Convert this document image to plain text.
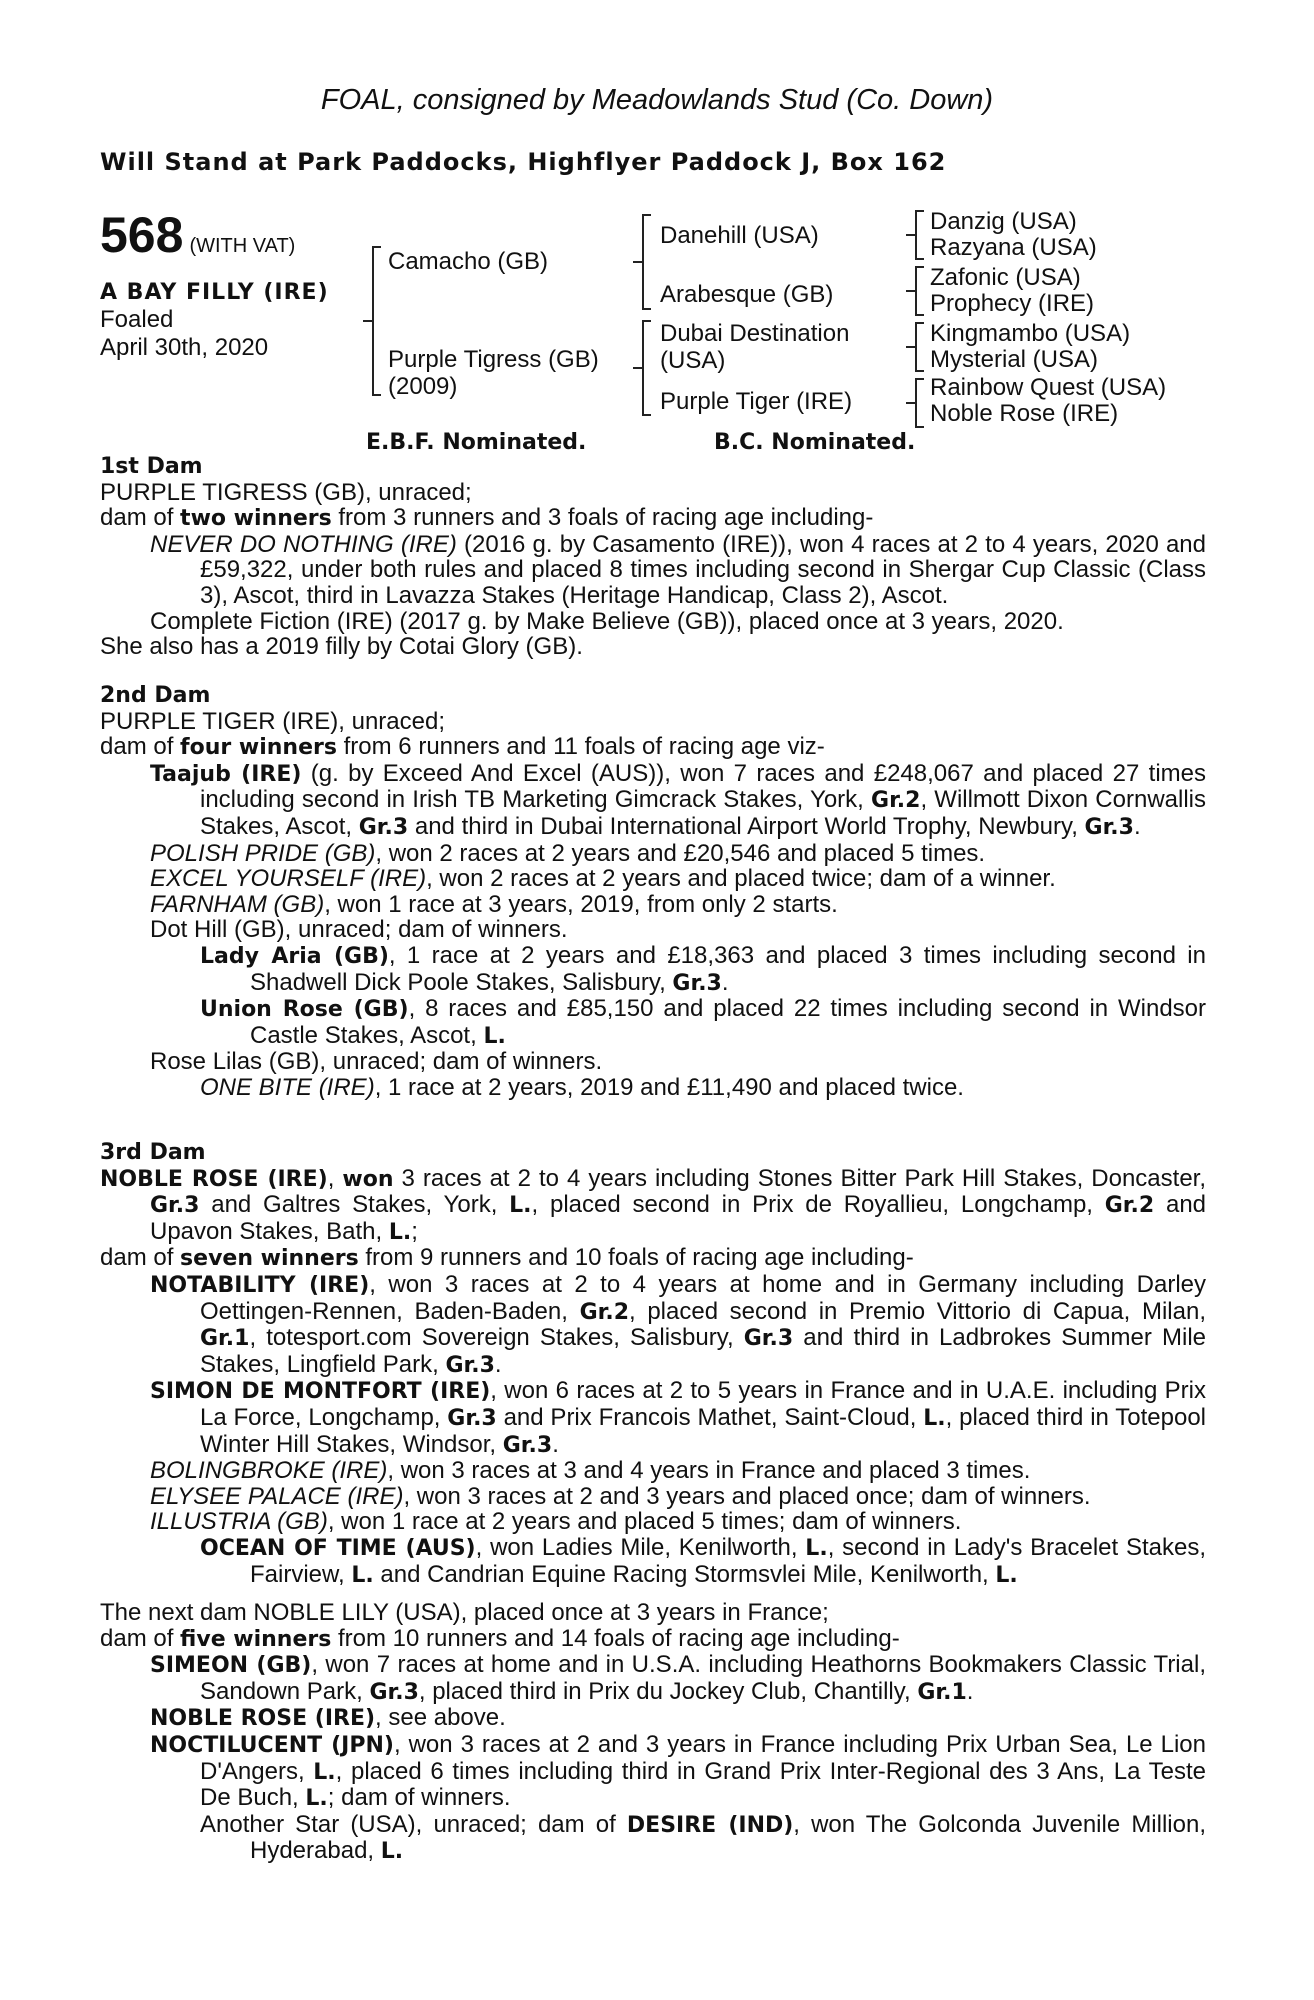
FOAL, consigned by Meadowlands Stud (Co. Down)
Will Stand at Park Paddocks, Highflyer Paddock J, Box 162
568 (WITH VAT)
A BAY FILLY (IRE)
Foaled
April 30th, 2020
Camacho (GB)
Purple Tigress (GB)
(2009)
Danehill (USA)
Arabesque (GB)
Dubai Destination
(USA)
Purple Tiger (IRE)
Danzig (USA)
Razyana (USA)
Zafonic (USA)
Prophecy (IRE)
Kingmambo (USA)
Mysterial (USA)
Rainbow Quest (USA)
Noble Rose (IRE)
E.B.F. Nominated.	B.C. Nominated.
1st Dam
PURPLE TIGRESS (GB), unraced;
dam of two winners from 3 runners and 3 foals of racing age including-
NEVER DO NOTHING (IRE) (2016 g. by Casamento (IRE)), won 4 races at 2 to 4 years, 2020 and £59,322, under both rules and placed 8 times including second in Shergar Cup Classic (Class 3), Ascot, third in Lavazza Stakes (Heritage Handicap, Class 2), Ascot.
Complete Fiction (IRE) (2017 g. by Make Believe (GB)), placed once at 3 years, 2020.
She also has a 2019 filly by Cotai Glory (GB).
2nd Dam
PURPLE TIGER (IRE), unraced;
dam of four winners from 6 runners and 11 foals of racing age viz-
Taajub (IRE) (g. by Exceed And Excel (AUS)), won 7 races and £248,067 and placed 27 times including second in Irish TB Marketing Gimcrack Stakes, York, Gr.2, Willmott Dixon Cornwallis Stakes, Ascot, Gr.3 and third in Dubai International Airport World Trophy, Newbury, Gr.3.
POLISH PRIDE (GB), won 2 races at 2 years and £20,546 and placed 5 times.
EXCEL YOURSELF (IRE), won 2 races at 2 years and placed twice; dam of a winner.
FARNHAM (GB), won 1 race at 3 years, 2019, from only 2 starts.
Dot Hill (GB), unraced; dam of winners.
Lady Aria (GB), 1 race at 2 years and £18,363 and placed 3 times including second in Shadwell Dick Poole Stakes, Salisbury, Gr.3.
Union Rose (GB), 8 races and £85,150 and placed 22 times including second in Windsor Castle Stakes, Ascot, L.
Rose Lilas (GB), unraced; dam of winners.
ONE BITE (IRE), 1 race at 2 years, 2019 and £11,490 and placed twice.
3rd Dam
NOBLE ROSE (IRE), won 3 races at 2 to 4 years including Stones Bitter Park Hill Stakes, Doncaster, Gr.3 and Galtres Stakes, York, L., placed second in Prix de Royallieu, Longchamp, Gr.2 and Upavon Stakes, Bath, L.;
dam of seven winners from 9 runners and 10 foals of racing age including-
NOTABILITY (IRE), won 3 races at 2 to 4 years at home and in Germany including Darley Oettingen-Rennen, Baden-Baden, Gr.2, placed second in Premio Vittorio di Capua, Milan, Gr.1, totesport.com Sovereign Stakes, Salisbury, Gr.3 and third in Ladbrokes Summer Mile Stakes, Lingfield Park, Gr.3.
SIMON DE MONTFORT (IRE), won 6 races at 2 to 5 years in France and in U.A.E. including Prix La Force, Longchamp, Gr.3 and Prix Francois Mathet, Saint-Cloud, L., placed third in Totepool Winter Hill Stakes, Windsor, Gr.3.
BOLINGBROKE (IRE), won 3 races at 3 and 4 years in France and placed 3 times.
ELYSEE PALACE (IRE), won 3 races at 2 and 3 years and placed once; dam of winners.
ILLUSTRIA (GB), won 1 race at 2 years and placed 5 times; dam of winners.
OCEAN OF TIME (AUS), won Ladies Mile, Kenilworth, L., second in Lady's Bracelet Stakes, Fairview, L. and Candrian Equine Racing Stormsvlei Mile, Kenilworth, L.
The next dam NOBLE LILY (USA), placed once at 3 years in France;
dam of five winners from 10 runners and 14 foals of racing age including-
SIMEON (GB), won 7 races at home and in U.S.A. including Heathorns Bookmakers Classic Trial, Sandown Park, Gr.3, placed third in Prix du Jockey Club, Chantilly, Gr.1.
NOBLE ROSE (IRE), see above.
NOCTILUCENT (JPN), won 3 races at 2 and 3 years in France including Prix Urban Sea, Le Lion D'Angers, L., placed 6 times including third in Grand Prix Inter-Regional des 3 Ans, La Teste De Buch, L.; dam of winners.
Another Star (USA), unraced; dam of DESIRE (IND), won The Golconda Juvenile Million, Hyderabad, L.
